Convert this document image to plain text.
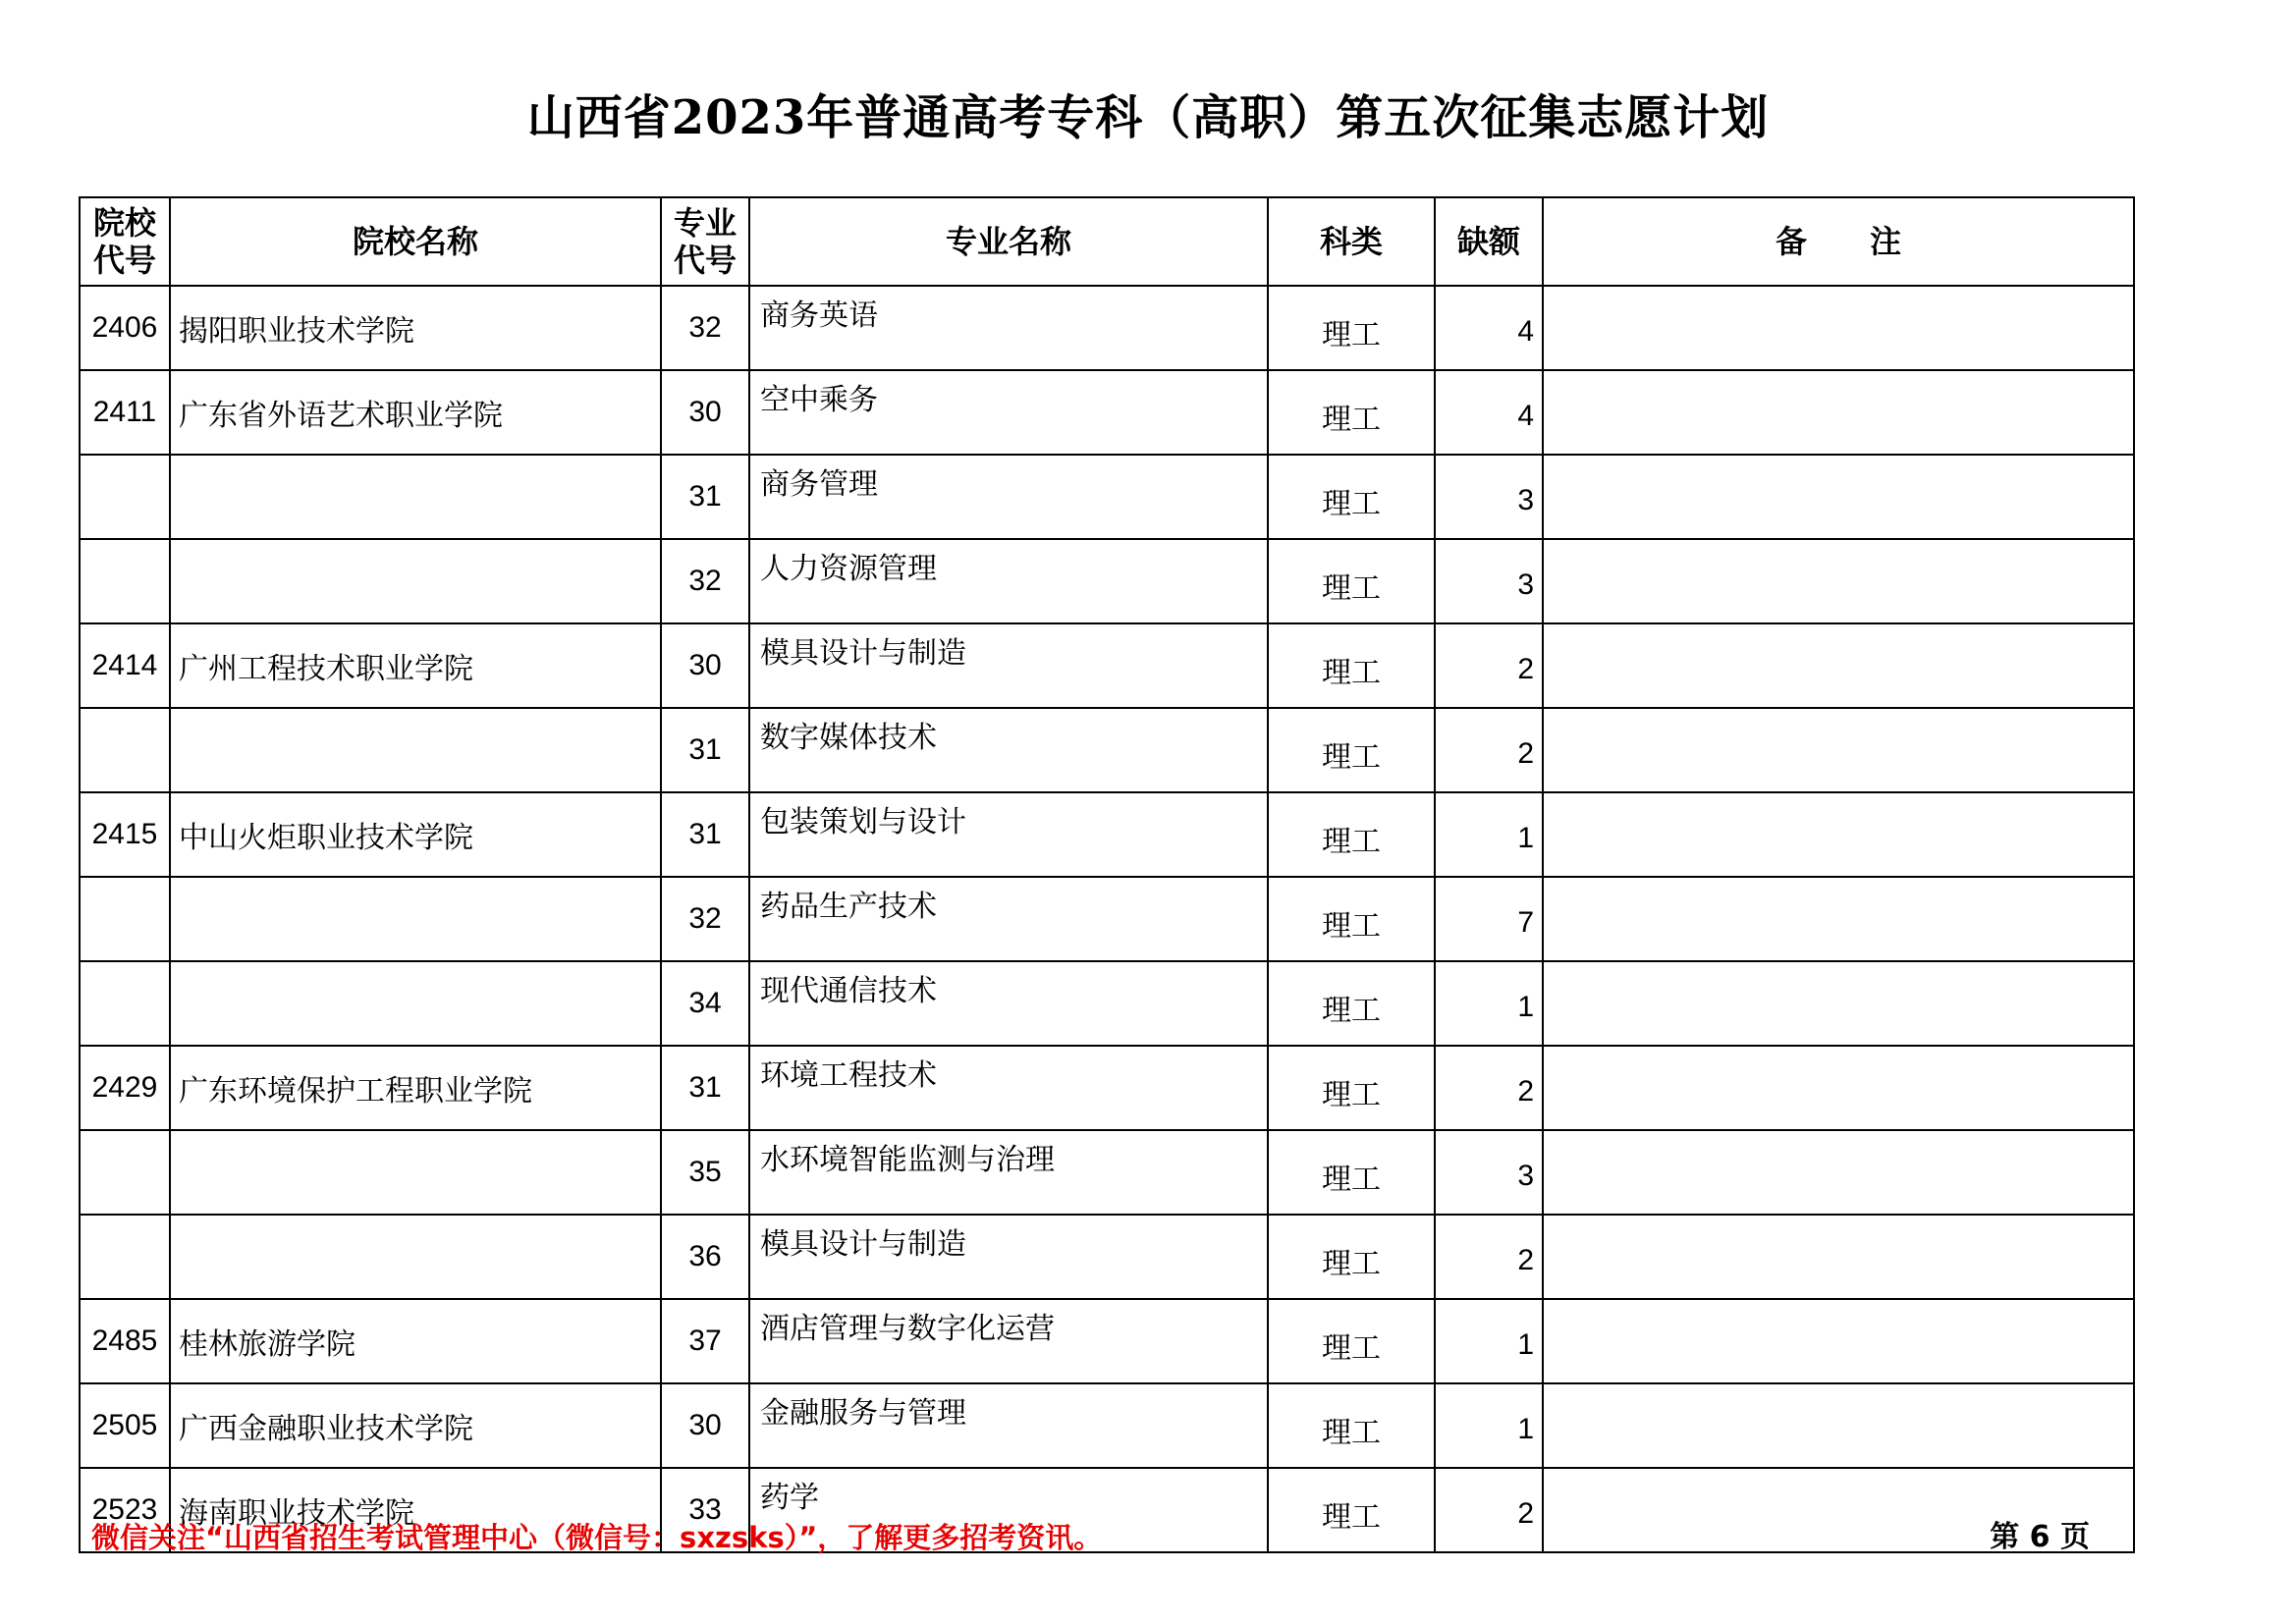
山西省2023年普通高考专科（高职）第五次征集志愿计划
院校代号	院校名称	专业代号	专业名称	科类	缺额	备　　注
2406	揭阳职业技术学院	32	商务英语	理工	4	
2411	广东省外语艺术职业学院	30	空中乘务	理工	4	
		31	商务管理	理工	3	
		32	人力资源管理	理工	3	
2414	广州工程技术职业学院	30	模具设计与制造	理工	2	
		31	数字媒体技术	理工	2	
2415	中山火炬职业技术学院	31	包装策划与设计	理工	1	
		32	药品生产技术	理工	7	
		34	现代通信技术	理工	1	
2429	广东环境保护工程职业学院	31	环境工程技术	理工	2	
		35	水环境智能监测与治理	理工	3	
		36	模具设计与制造	理工	2	
2485	桂林旅游学院	37	酒店管理与数字化运营	理工	1	
2505	广西金融职业技术学院	30	金融服务与管理	理工	1	
2523	海南职业技术学院	33	药学	理工	2	
微信关注“山西省招生考试管理中心（微信号：sxzsks）”，了解更多招考资讯。	第 6 页
